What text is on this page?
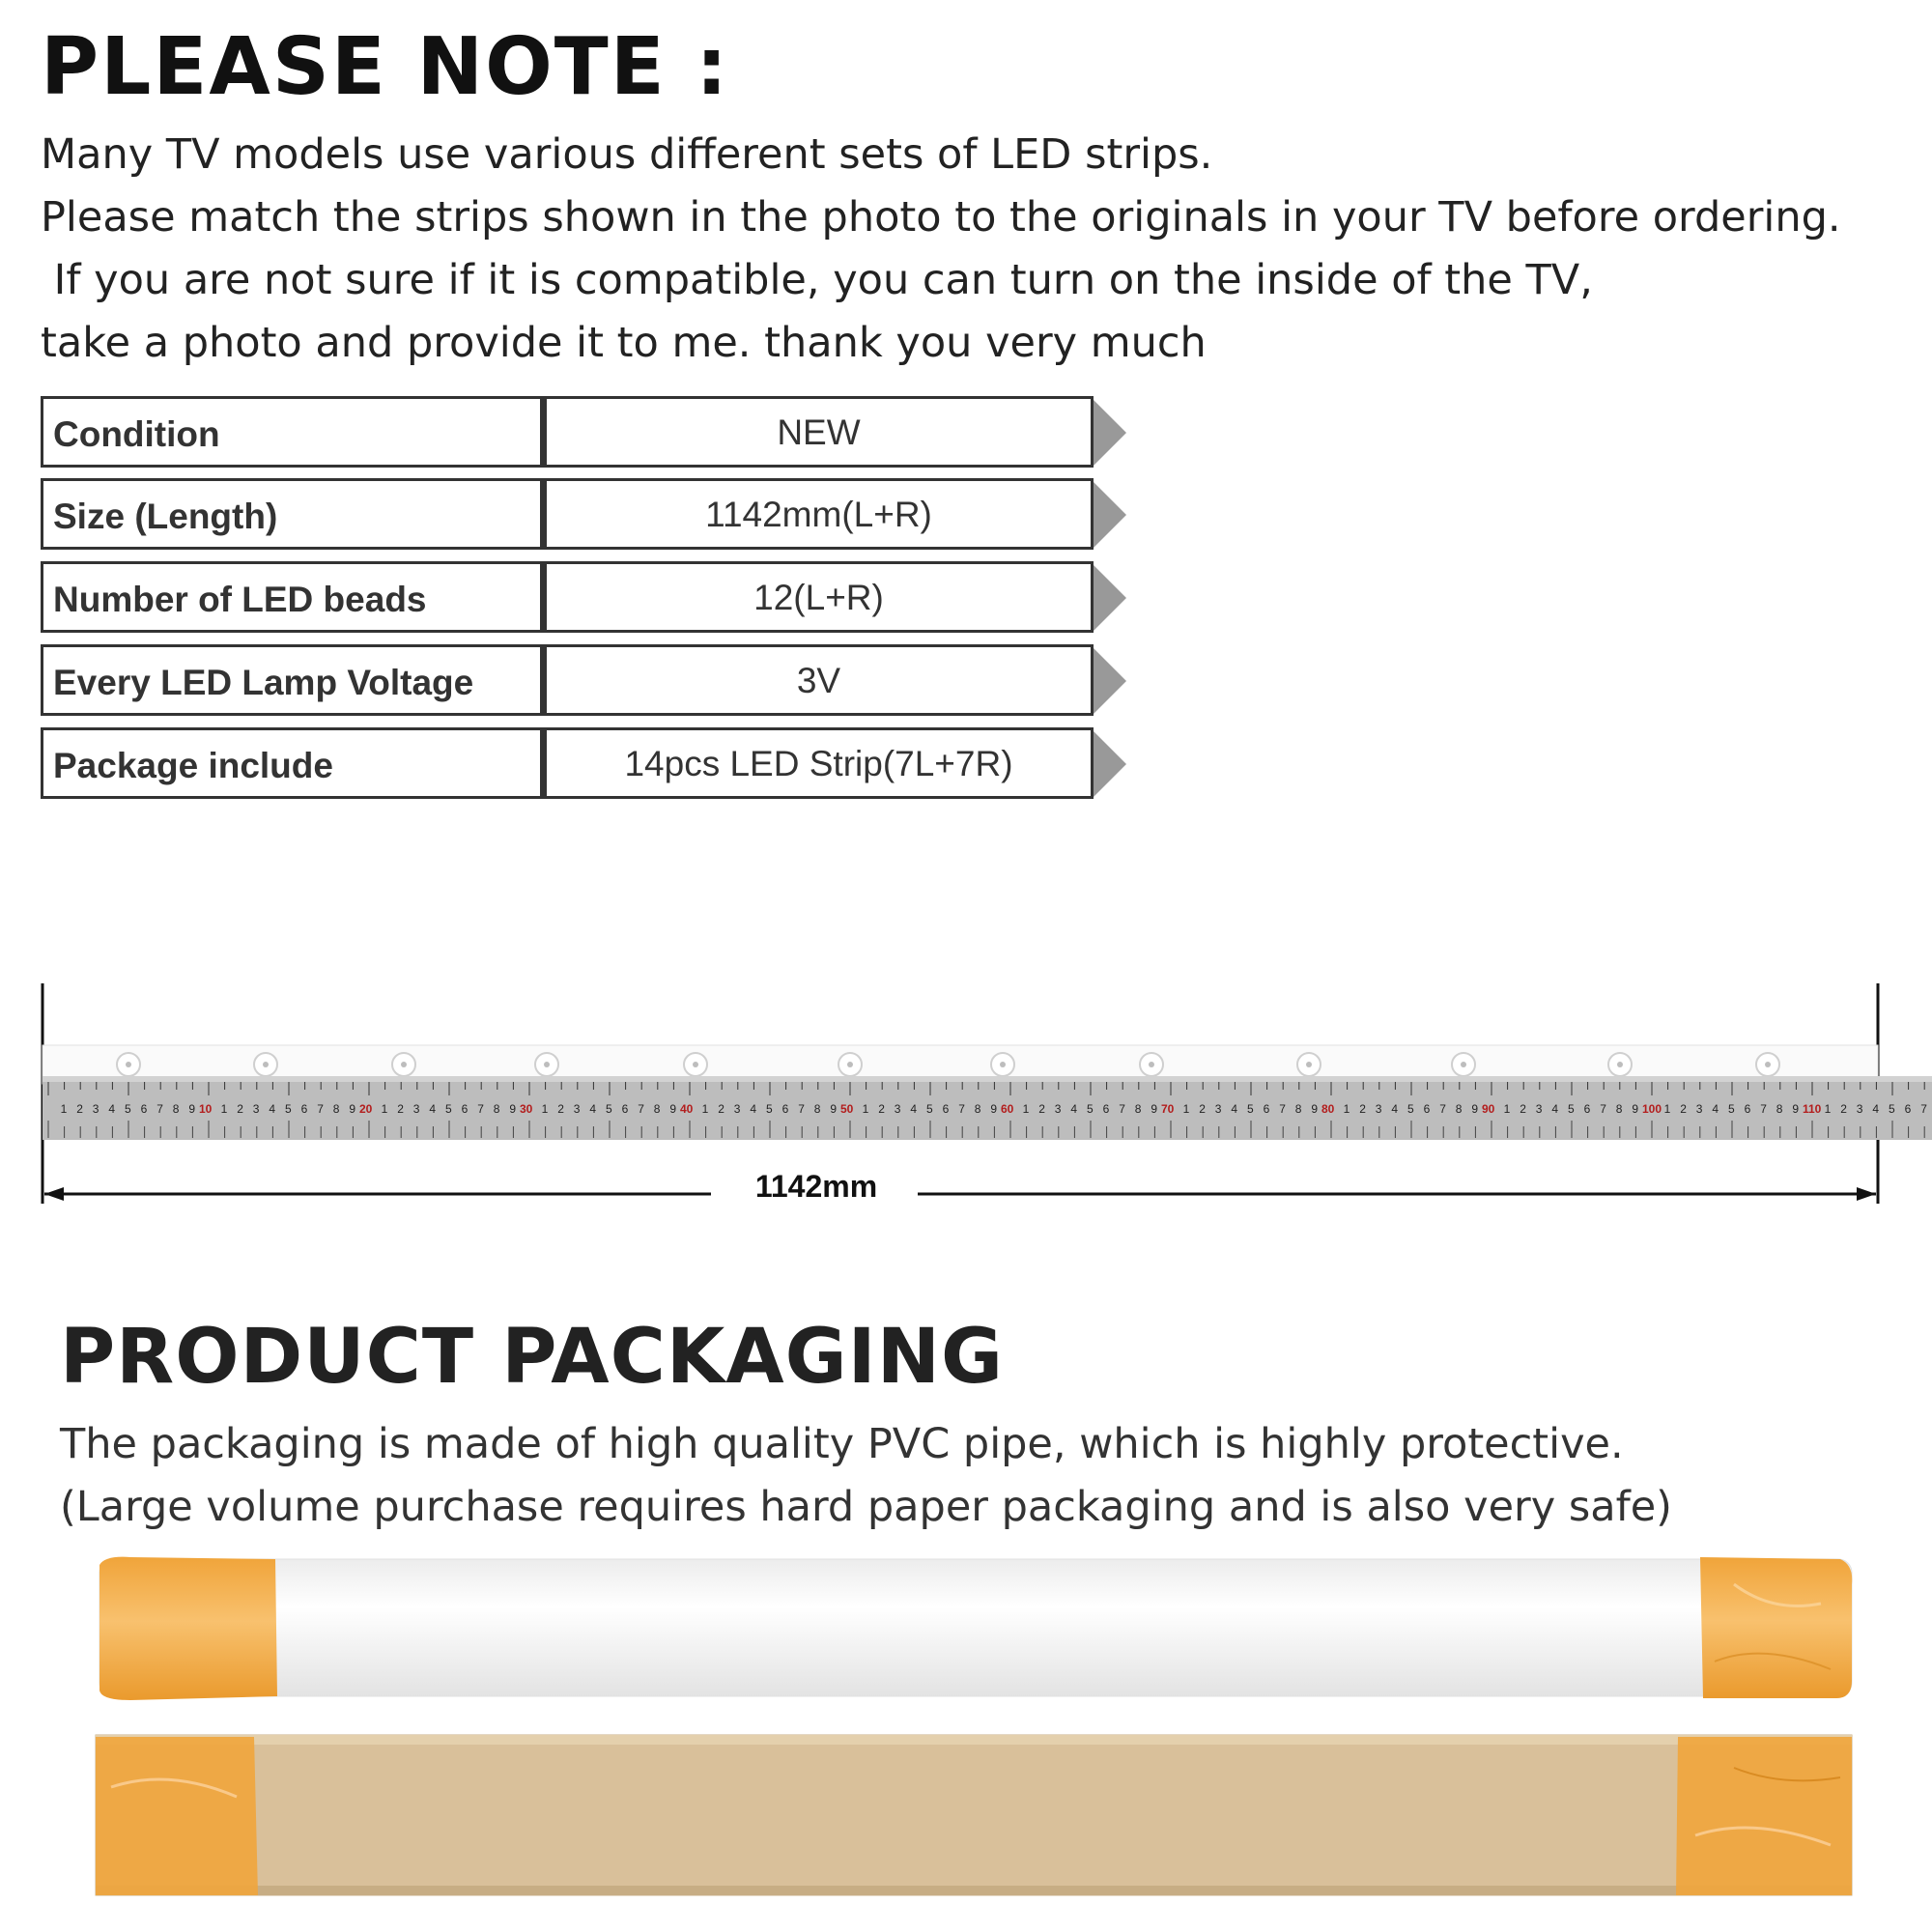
PLEASE NOTE :
Many TV models use various different sets of LED strips.
Please match the strips shown in the photo to the originals in your TV before ordering.
If you are not sure if it is compatible, you can turn on the inside of the TV,
take a photo and provide it to me. thank you very much
Condition	NEW
Size (Length)	1142mm(L+R)
Number of LED beads	12(L+R)
Every LED Lamp Voltage	3V
Package include	14pcs LED Strip(7L+7R)
1 2 3 4 5 6 7 8 9 10 1 2 3 4 5 6 7 8 9 20 1 2 3 4 5 6 7 8 9 30 1 2 3 4 5 6 7 8 9 40 1 2 3 4 5 6 7 8 9 50 1 2 3 4 5 6 7 8 9 60 1 2 3 4 5 6 7 8 9 70 1 2 3 4 5 6 7 8 9 80 1 2 3 4 5 6 7 8 9 90 1 2 3 4 5 6 7 8 9 100 1 2 3 4 5 6 7 8 9 110 1 2 3 4 5 6 7
1142mm
PRODUCT PACKAGING
The packaging is made of high quality PVC pipe, which is highly protective.
(Large volume purchase requires hard paper packaging and is also very safe)
